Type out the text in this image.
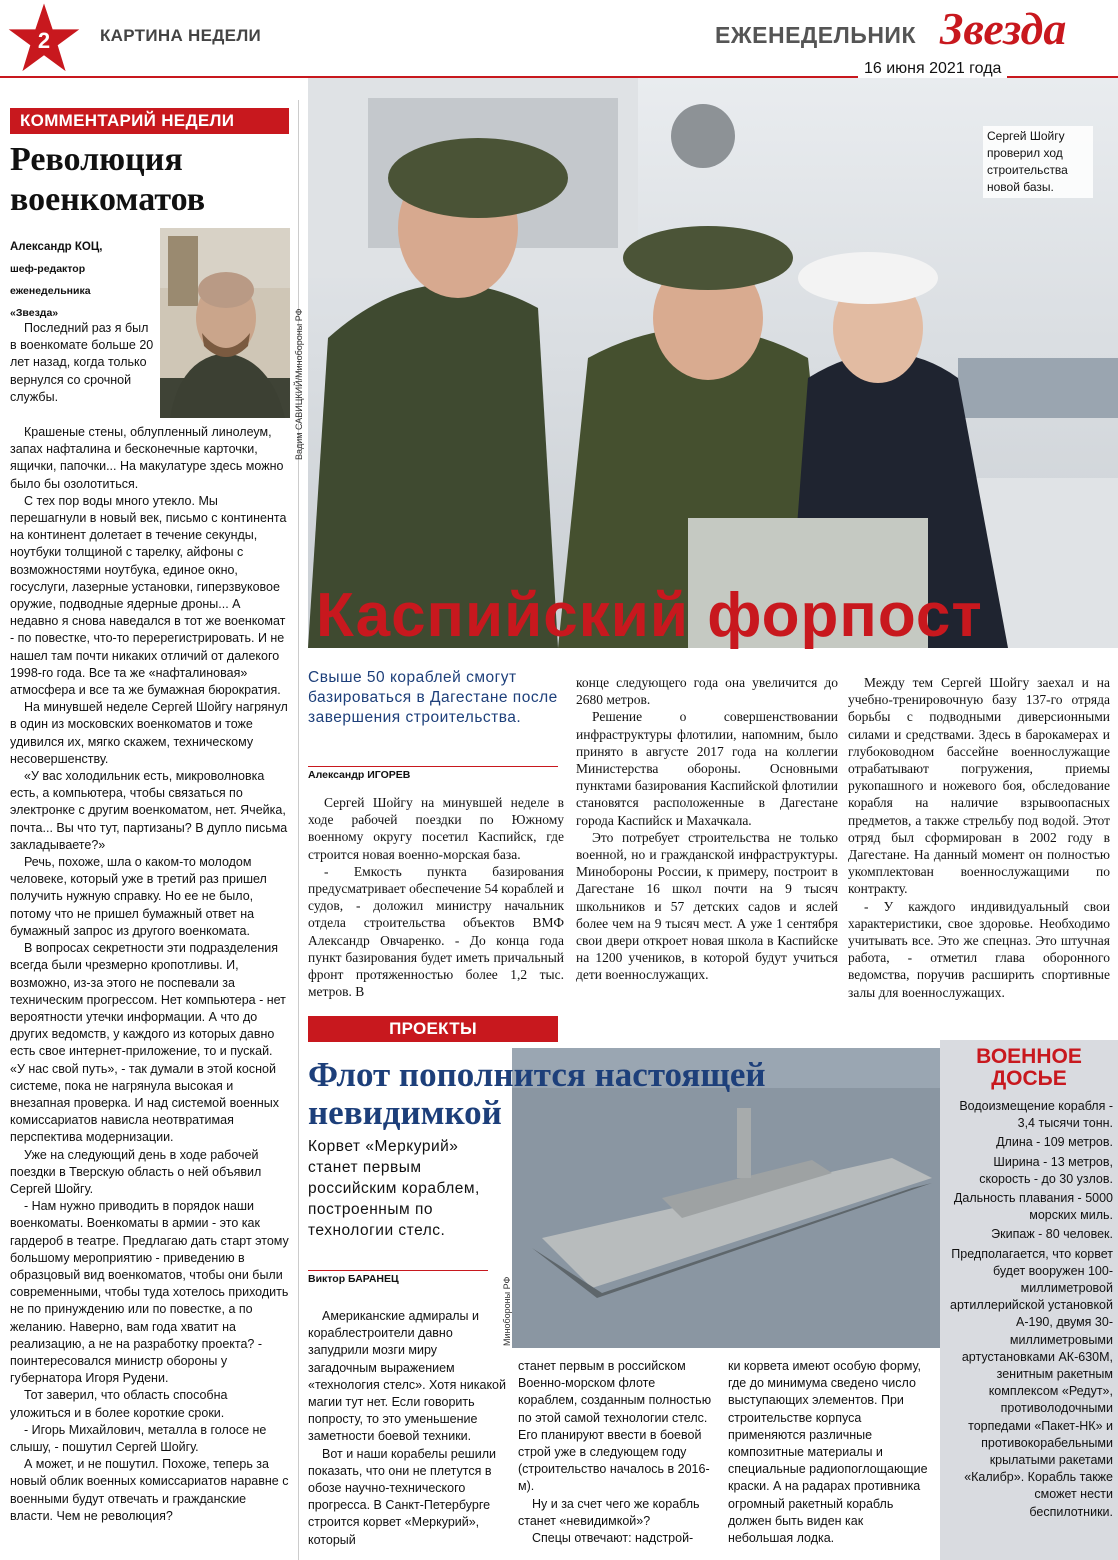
2	КАРТИНА НЕДЕЛИ	ЕЖЕНЕДЕЛЬНИК Звезда
16 июня 2021 года
КОММЕНТАРИЙ НЕДЕЛИ
Революция военкоматов
Александр КОЦ,
шеф-редактор
еженедельника
«Звезда»

Последний раз я был в военкомате больше 20 лет назад, когда только вернулся со срочной службы.

Крашеные стены, облупленный линолеум, запах нафталина и бесконечные карточки, ящички, папочки... На макулатуре здесь можно было бы озолотиться.

С тех пор воды много утекло. Мы перешагнули в новый век, письмо с континента на континент долетает в течение секунды, ноутбуки толщиной с тарелку, айфоны с возможностями ноутбука, единое окно, госуслуги, лазерные установки, гиперзвуковое оружие, подводные ядерные дроны... А недавно я снова наведался в тот же военкомат - по повестке, что-то перерегистрировать. И не нашел там почти никаких отличий от далекого 1998-го года. Все та же «нафталиновая» атмосфера и все та же бумажная бюрократия.

На минувшей неделе Сергей Шойгу нагрянул в один из московских военкоматов и тоже удивился их, мягко скажем, техническому несовершенству.

«У вас холодильник есть, микроволновка есть, а компьютера, чтобы связаться по электронке с другим военкоматом, нет. Ячейка, почта... Вы что тут, партизаны? В дупло письма закладываете?»

Речь, похоже, шла о каком-то молодом человеке, который уже в третий раз пришел получить нужную справку. Но ее не было, потому что не пришел бумажный ответ на бумажный запрос из другого военкомата.

В вопросах секретности эти подразделения всегда были чрезмерно кропотливы. И, возможно, из-за этого не поспевали за техническим прогрессом. Нет компьютера - нет вероятности утечки информации. А что до других ведомств, у каждого из которых давно есть свое интернет-приложение, то и пускай. «У нас свой путь», - так думали в этой косной системе, пока не нагрянула высокая и внезапная проверка. И над системой военных комиссариатов нависла неотвратимая перспектива модернизации.

Уже на следующий день в ходе рабочей поездки в Тверскую область о ней объявил Сергей Шойгу.

- Нам нужно приводить в порядок наши военкоматы. Военкоматы в армии - это как гардероб в театре. Предлагаю дать старт этому большому мероприятию - приведению в образцовый вид военкоматов, чтобы они были современными, чтобы туда хотелось приходить не по принуждению или по повестке, а по желанию. Наверно, вам года хватит на реализацию, а не на разработку проекта? - поинтересовался министр обороны у губернатора Игоря Рудени.

Тот заверил, что область способна уложиться и в более короткие сроки.

- Игорь Михайлович, металла в голосе не слышу, - пошутил Сергей Шойгу.

А может, и не пошутил. Похоже, теперь за новый облик военных комиссариатов наравне с военными будут отвечать и гражданские власти. Чем не революция?

Вадим САВИЦКИЙ/Минобороны РФ
Сергей Шойгу проверил ход строительства новой базы.
Каспийский форпост
Свыше 50 кораблей смогут базироваться в Дагестане после завершения строительства.
Александр ИГОРЕВ

Сергей Шойгу на минувшей неделе в ходе рабочей поездки по Южному военному округу посетил Каспийск, где строится новая военно-морская база.

- Емкость пункта базирования предусматривает обеспечение 54 кораблей и судов, - доложил министру начальник отдела строительства объектов ВМФ Александр Овчаренко. - До конца года пункт базирования будет иметь причальный фронт протяженностью более 1,2 тыс. метров. В

конце следующего года она увеличится до 2680 метров.

Решение о совершенствовании инфраструктуры флотилии, напомним, было принято в августе 2017 года на коллегии Министерства обороны. Основными пунктами базирования Каспийской флотилии становятся расположенные в Дагестане города Каспийск и Махачкала.

Это потребует строительства не только военной, но и гражданской инфраструктуры. Минобороны России, к примеру, построит в Дагестане 16 школ почти на 9 тысяч школьников и 57 детских садов и яслей более чем на 9 тысяч мест. А уже 1 сентября свои двери откроет новая школа в Каспийске на 1200 учеников, в которой будут учиться дети военнослужащих.

Между тем Сергей Шойгу заехал и на учебно-тренировочную базу 137-го отряда борьбы с подводными диверсионными силами и средствами. Здесь в барокамерах и глубоководном бассейне военнослужащие отрабатывают погружения, приемы рукопашного и ножевого боя, обследование корабля на наличие взрывоопасных предметов, а также стрельбу под водой. Этот отряд был сформирован в 2002 году в Дагестане. На данный момент он полностью укомплектован военнослужащими по контракту.

- У каждого индивидуальный свои характеристики, свое здоровье. Необходимо учитывать все. Это же спецназ. Это штучная работа, - отметил глава оборонного ведомства, поручив расширить спортивные залы для военнослужащих.

ПРОЕКТЫ
Минобороны РФ
Флот пополнится настоящей невидимкой
Корвет «Меркурий» станет первым российским кораблем, построенным по технологии стелс.
Виктор БАРАНЕЦ

Американские адмиралы и кораблестроители давно запудрили мозги миру загадочным выражением «технология стелс». Хотя никакой магии тут нет. Если говорить попросту, то это уменьшение заметности боевой техники.

Вот и наши корабелы решили показать, что они не плетутся в обозе научно-технического прогресса. В Санкт-Петербурге строится корвет «Меркурий», который

станет первым в российском Военно-морском флоте кораблем, созданным полностью по этой самой технологии стелс. Его планируют ввести в боевой строй уже в следующем году (строительство началось в 2016-м).

Ну и за счет чего же корабль станет «невидимкой»?

Спецы отвечают: надстрой-

ки корвета имеют особую форму, где до минимума сведено число выступающих элементов. При строительстве корпуса применяются различные композитные материалы и специальные радиопоглощающие краски. А на радарах противника огромный ракетный корабль должен быть виден как небольшая лодка.

ВОЕННОЕ ДОСЬЕ

Водоизмещение корабля - 3,4 тысячи тонн.

Длина - 109 метров.

Ширина - 13 метров, скорость - до 30 узлов.

Дальность плавания - 5000 морских миль.

Экипаж - 80 человек.

Предполагается, что корвет будет вооружен 100-миллиметровой артиллерийской установкой А-190, двумя 30-миллиметровыми артустановками АК-630М, зенитным ракетным комплексом «Редут», противолодочными торпедами «Пакет-НК» и противокорабельными крылатыми ракетами «Калибр». Корабль также сможет нести беспилотники.
